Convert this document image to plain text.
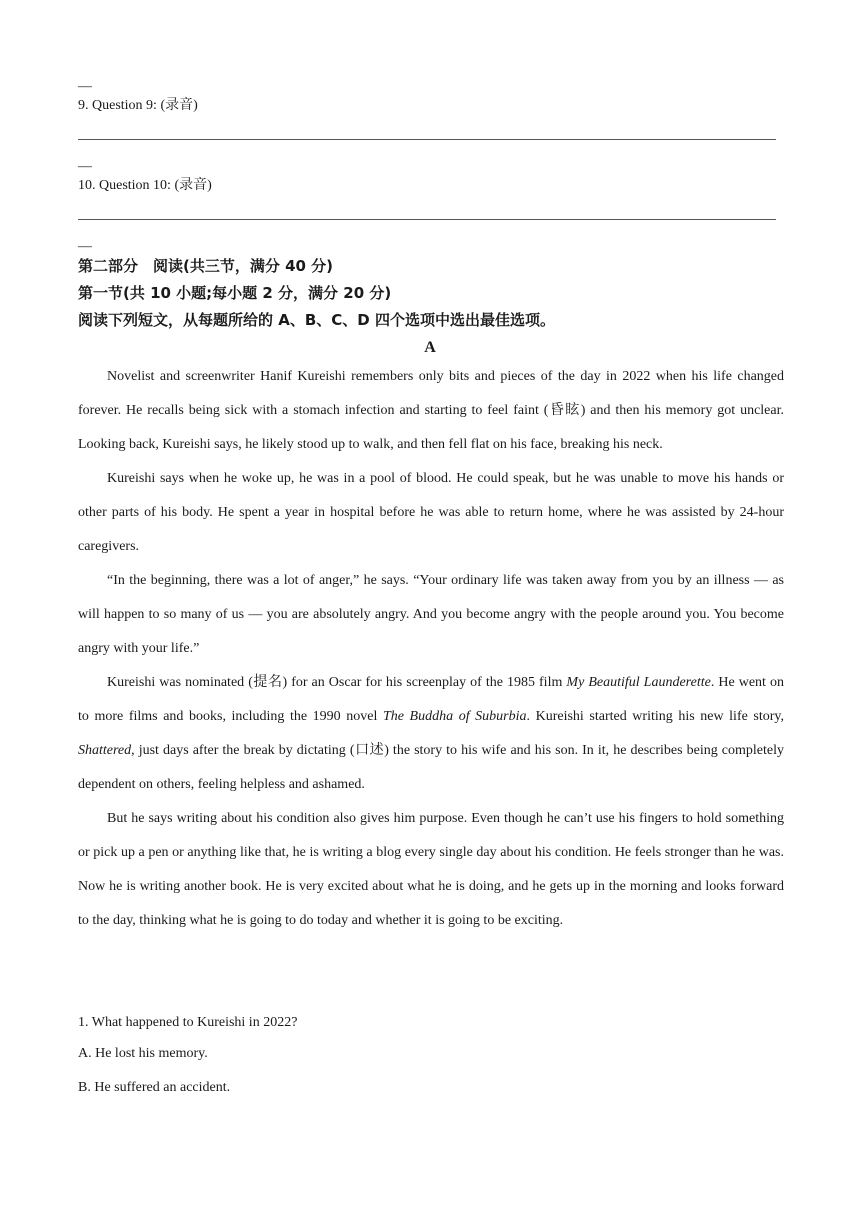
—
9. Question 9: (录音)
—
10. Question 10: (录音)
—
第二部分　阅读(共三节，满分 40 分)
第一节(共 10 小题;每小题 2 分，满分 20 分)
阅读下列短文，从每题所给的 A、B、C、D 四个选项中选出最佳选项。
A

Novelist and screenwriter Hanif Kureishi remembers only bits and pieces of the day in 2022 when his life changed forever. He recalls being sick with a stomach infection and starting to feel faint (昏眩) and then his memory got unclear. Looking back, Kureishi says, he likely stood up to walk, and then fell flat on his face, breaking his neck.

Kureishi says when he woke up, he was in a pool of blood. He could speak, but he was unable to move his hands or other parts of his body. He spent a year in hospital before he was able to return home, where he was assisted by 24-hour caregivers.

“In the beginning, there was a lot of anger,” he says. “Your ordinary life was taken away from you by an illness — as will happen to so many of us — you are absolutely angry. And you become angry with the people around you. You become angry with your life.”

Kureishi was nominated (提名) for an Oscar for his screenplay of the 1985 film My Beautiful Launderette. He went on to more films and books, including the 1990 novel The Buddha of Suburbia. Kureishi started writing his new life story, Shattered, just days after the break by dictating (口述) the story to his wife and his son. In it, he describes being completely dependent on others, feeling helpless and ashamed.

But he says writing about his condition also gives him purpose. Even though he can’t use his fingers to hold something or pick up a pen or anything like that, he is writing a blog every single day about his condition. He feels stronger than he was. Now he is writing another book. He is very excited about what he is doing, and he gets up in the morning and looks forward to the day, thinking what he is going to do today and whether it is going to be exciting.

1. What happened to Kureishi in 2022?
A. He lost his memory.
B. He suffered an accident.
